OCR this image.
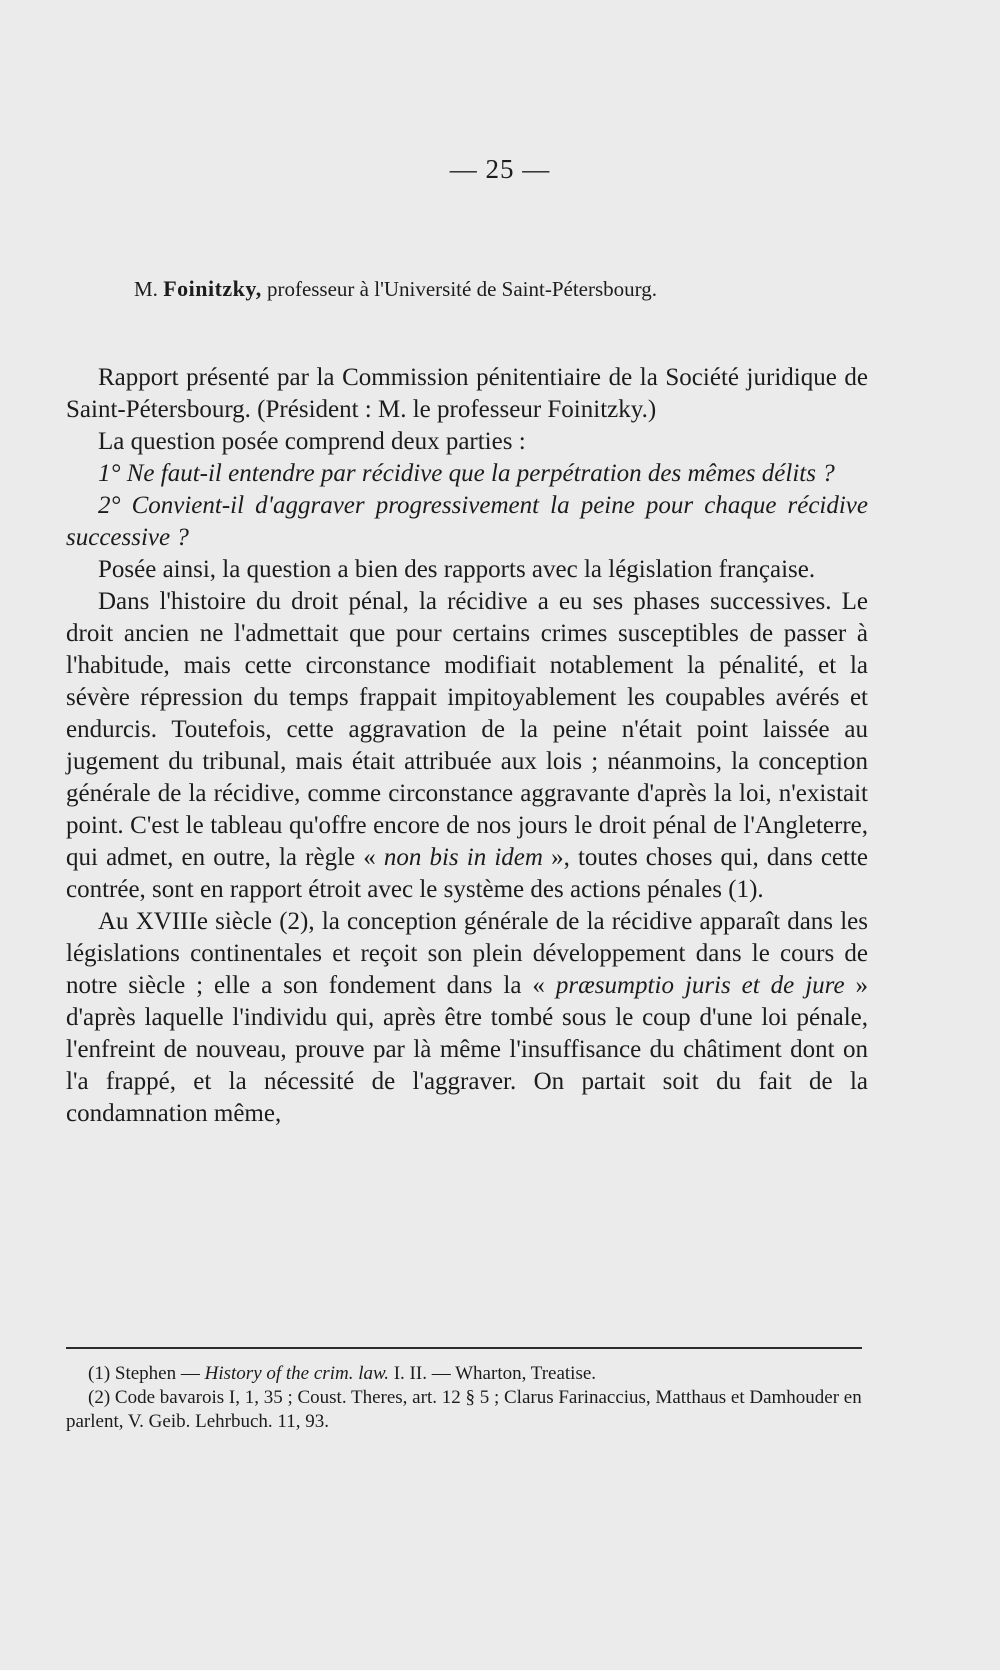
— 25 —
M. Foinitzky, professeur à l'Université de Saint-Pétersbourg.

Rapport présenté par la Commission pénitentiaire de la Société juridique de Saint-Pétersbourg. (Président : M. le professeur Foinitzky.)

La question posée comprend deux parties :

1° Ne faut-il entendre par récidive que la perpétration des mêmes délits ?

2° Convient-il d'aggraver progressivement la peine pour chaque récidive successive ?

Posée ainsi, la question a bien des rapports avec la législation française.

Dans l'histoire du droit pénal, la récidive a eu ses phases successives. Le droit ancien ne l'admettait que pour certains crimes susceptibles de passer à l'habitude, mais cette circonstance modifiait notablement la pénalité, et la sévère répression du temps frappait impitoyablement les coupables avérés et endurcis. Toutefois, cette aggravation de la peine n'était point laissée au jugement du tribunal, mais était attribuée aux lois ; néanmoins, la conception générale de la récidive, comme circonstance aggravante d'après la loi, n'existait point. C'est le tableau qu'offre encore de nos jours le droit pénal de l'Angleterre, qui admet, en outre, la règle « non bis in idem », toutes choses qui, dans cette contrée, sont en rapport étroit avec le système des actions pénales (1).

Au XVIIIe siècle (2), la conception générale de la récidive apparaît dans les législations continentales et reçoit son plein développement dans le cours de notre siècle ; elle a son fondement dans la « præsumptio juris et de jure » d'après laquelle l'individu qui, après être tombé sous le coup d'une loi pénale, l'enfreint de nouveau, prouve par là même l'insuffisance du châtiment dont on l'a frappé, et la nécessité de l'aggraver. On partait soit du fait de la condamnation même,

(1) Stephen — History of the crim. law. I. II. — Wharton, Treatise.

(2) Code bavarois I, 1, 35 ; Coust. Theres, art. 12 § 5 ; Clarus Farinaccius, Matthaus et Damhouder en parlent, V. Geib. Lehrbuch. 11, 93.
